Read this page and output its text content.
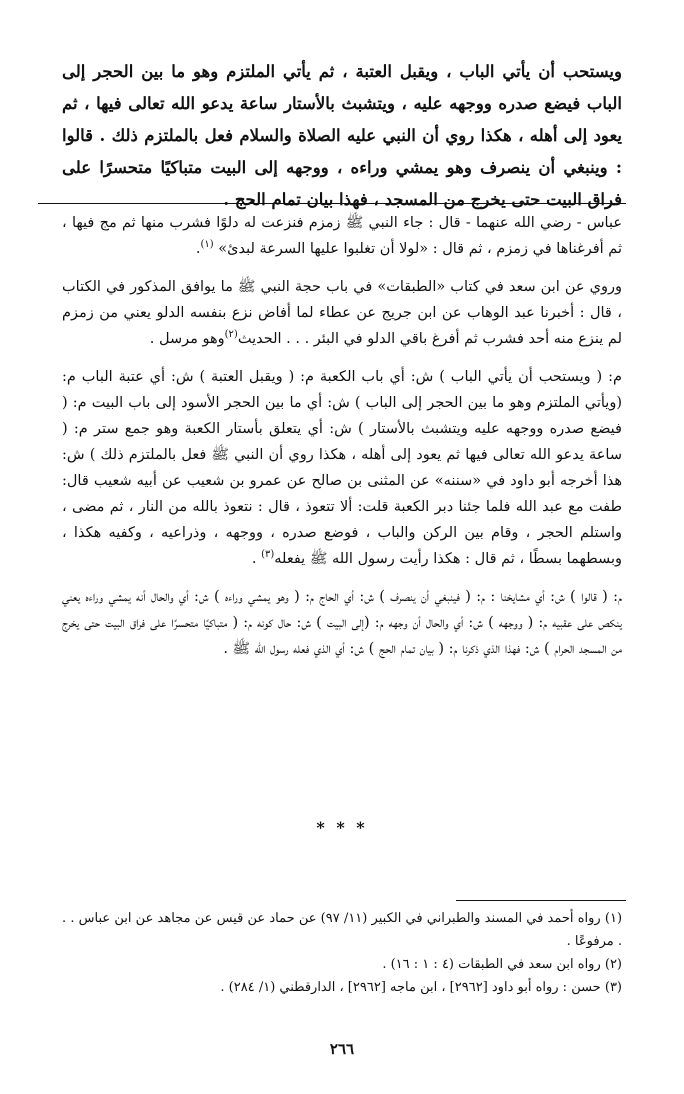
ويستحب أن يأتي الباب ، ويقبل العتبة ، ثم يأتي الملتزم وهو ما بين الحجر إلى الباب فيضع صدره ووجهه عليه ، ويتشبث بالأستار ساعة يدعو الله تعالى فيها ، ثم يعود إلى أهله ، هكذا روي أن النبي عليه الصلاة والسلام فعل بالملتزم ذلك . قالوا : وينبغي أن ينصرف وهو يمشي وراءه ، ووجهه إلى البيت متباكيًا متحسرًا على فراق البيت حتى يخرج من المسجد ، فهذا بيان تمام الحج .

عباس - رضي الله عنهما - قال : جاء النبي ﷺ زمزم فنزعت له دلوًا فشرب منها ثم مج فيها ، ثم أفرغناها في زمزم ، ثم قال : «لولا أن تغلبوا عليها السرعة لبدئ» $^{(١)}$.

وروي عن ابن سعد في كتاب «الطبقات» في باب حجة النبي ﷺ ما يوافق المذكور في الكتاب ، قال : أخبرنا عبد الوهاب عن ابن جريج عن عطاء لما أفاض نزع بنفسه الدلو يعني من زمزم لم ينزع منه أحد فشرب ثم أفرغ باقي الدلو في البئر . . . الحديث$^{(٢)}$وهو مرسل .

م: ( ويستحب أن يأتي الباب ) ش: أي باب الكعبة م: ( ويقبل العتبة ) ش: أي عتبة الباب م: (ويأتي الملتزم وهو ما بين الحجر إلى الباب ) ش: أي ما بين الحجر الأسود إلى باب البيت م: ( فيضع صدره ووجهه عليه ويتشبث بالأستار ) ش: أي يتعلق بأستار الكعبة وهو جمع ستر م: ( ساعة يدعو الله تعالى فيها ثم يعود إلى أهله ، هكذا روي أن النبي ﷺ فعل بالملتزم ذلك ) ش: هذا أخرجه أبو داود في «سننه» عن المثنى بن صالح عن عمرو بن شعيب عن أبيه شعيب قال: طفت مع عبد الله فلما جئنا دبر الكعبة قلت: ألا تتعوذ ، قال : نتعوذ بالله من النار ، ثم مضى ، واستلم الحجر ، وقام بين الركن والباب ، فوضع صدره ، ووجهه ، وذراعيه ، وكفيه هكذا ، وبسطهما بسطًا ، ثم قال : هكذا رأيت رسول الله ﷺ يفعله$^{(٣)}$ .

م: ( قالوا ) ش: أي مشايخنا : م: ( فينبغي أن ينصرف ) ش: أي الحاج م: ( وهو يمشي وراءه ) ش: أي والحال أنه يمشي وراءه يعني ينكص على عقبيه م: ( ووجهه ) ش: أي والحال أن وجهه م: (إلى البيت ) ش: حال كونه م: ( متباكيًا متحسرًا على فراق البيت حتى يخرج من المسجد الحرام ) ش: فهذا الذي ذكرنا م: ( بيان تمام الحج ) ش: أي الذي فعله رسول الله ﷺ .

* * *

(١) رواه أحمد في المسند والطبراني في الكبير (١١/ ٩٧) عن حماد عن قيس عن مجاهد عن ابن عباس . . . مرفوعًا .

(٢) رواه ابن سعد في الطبقات (٤ : ١ : ١٦) .

(٣) حسن : رواه أبو داود [٢٩٦٢] ، ابن ماجه [٢٩٦٢] ، الدارقطني (١/ ٢٨٤) .

٢٦٦
